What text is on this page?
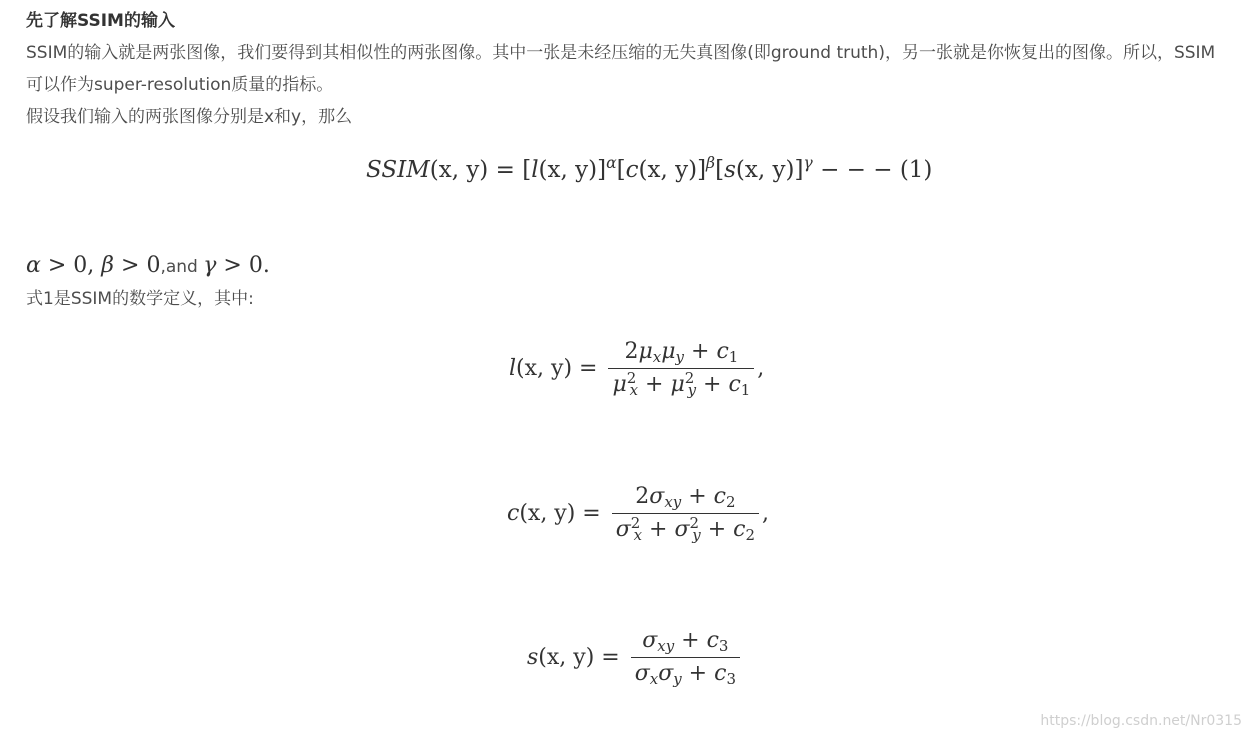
先了解SSIM的输入
SSIM的输入就是两张图像，我们要得到其相似性的两张图像。其中一张是未经压缩的无失真图像(即ground truth)，另一张就是你恢复出的图像。所以，SSIM可以作为super-resolution质量的指标。
假设我们输入的两张图像分别是x和y，那么
SSIM(x, y) = [l(x, y)]$^\alpha$[c(x, y)]$^\beta$[s(x, y)]$^\gamma$ − − − (1)
α > 0, β > 0,and γ > 0.
式1是SSIM的数学定义，其中:
l(x, $y) = \frac{2\mu_x\mu_y + c_1}{\mu^2_x + \mu^2_y + c_1}$ ,
c(x, $y) = \frac{2\sigma_{xy} + c_2}{\sigma^2_x + \sigma^2_y + c_2}$ ,
s(x, $y) = \frac{\sigma_{xy} + c_3}{\sigma_x\sigma_y + c_3}$
https://blog.csdn.net/Nr0315
